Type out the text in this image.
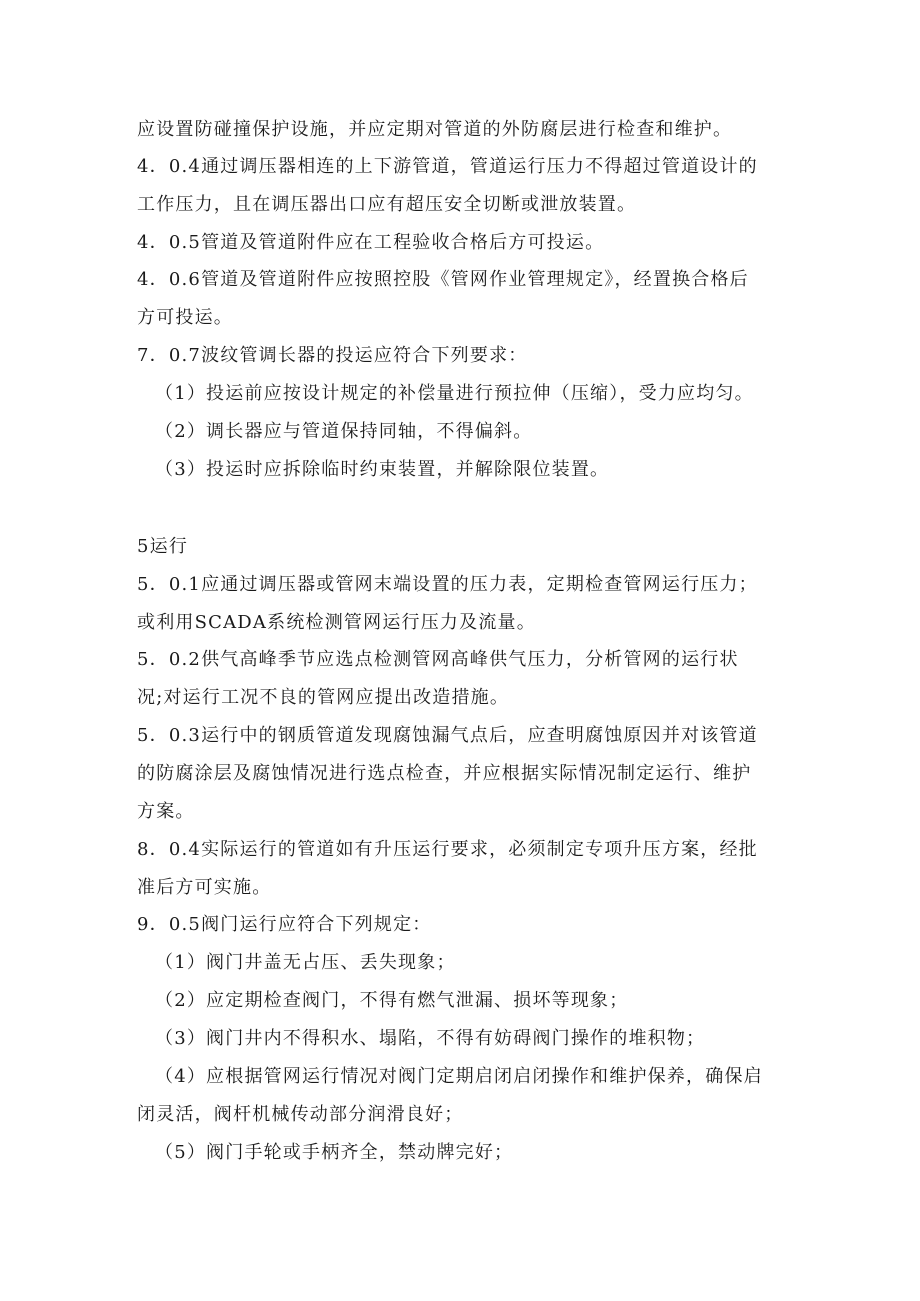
应设置防碰撞保护设施，并应定期对管道的外防腐层进行检查和维护。
4．0.4通过调压器相连的上下游管道，管道运行压力不得超过管道设计的
工作压力，且在调压器出口应有超压安全切断或泄放装置。
4．0.5管道及管道附件应在工程验收合格后方可投运。
4．0.6管道及管道附件应按照控股《管网作业管理规定》，经置换合格后
方可投运。
7．0.7波纹管调长器的投运应符合下列要求：
（1）投运前应按设计规定的补偿量进行预拉伸（压缩），受力应均匀。
（2）调长器应与管道保持同轴，不得偏斜。
（3）投运时应拆除临时约束装置，并解除限位装置。
5运行
5．0.1应通过调压器或管网末端设置的压力表，定期检查管网运行压力；
或利用SCADA系统检测管网运行压力及流量。
5．0.2供气高峰季节应选点检测管网高峰供气压力，分析管网的运行状
况;对运行工况不良的管网应提出改造措施。
5．0.3运行中的钢质管道发现腐蚀漏气点后，应查明腐蚀原因并对该管道
的防腐涂层及腐蚀情况进行选点检查，并应根据实际情况制定运行、维护
方案。
8．0.4实际运行的管道如有升压运行要求，必须制定专项升压方案，经批
准后方可实施。
9．0.5阀门运行应符合下列规定：
（1）阀门井盖无占压、丢失现象；
（2）应定期检查阀门，不得有燃气泄漏、损坏等现象；
（3）阀门井内不得积水、塌陷，不得有妨碍阀门操作的堆积物；
（4）应根据管网运行情况对阀门定期启闭启闭操作和维护保养，确保启
闭灵活，阀杆机械传动部分润滑良好；
（5）阀门手轮或手柄齐全，禁动牌完好；
